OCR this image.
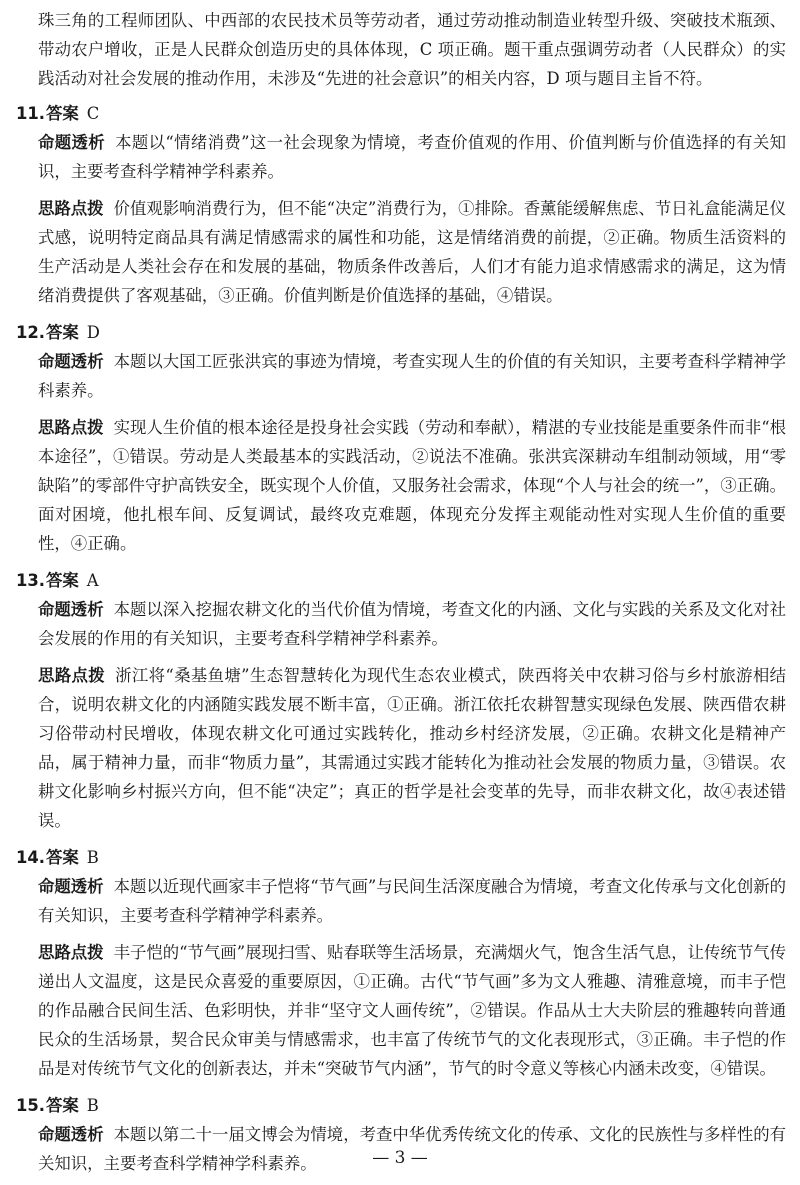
珠三角的工程师团队、中西部的农民技术员等劳动者，通过劳动推动制造业转型升级、突破技术瓶颈、带动农户增收，正是人民群众创造历史的具体体现，C 项正确。题干重点强调劳动者（人民群众）的实践活动对社会发展的推动作用，未涉及“先进的社会意识”的相关内容，D 项与题目主旨不符。

11.答案 C

命题透析 本题以“情绪消费”这一社会现象为情境，考查价值观的作用、价值判断与价值选择的有关知识，主要考查科学精神学科素养。

思路点拨 价值观影响消费行为，但不能“决定”消费行为，①排除。香薰能缓解焦虑、节日礼盒能满足仪式感，说明特定商品具有满足情感需求的属性和功能，这是情绪消费的前提，②正确。物质生活资料的生产活动是人类社会存在和发展的基础，物质条件改善后，人们才有能力追求情感需求的满足，这为情绪消费提供了客观基础，③正确。价值判断是价值选择的基础，④错误。

12.答案 D

命题透析 本题以大国工匠张洪宾的事迹为情境，考查实现人生的价值的有关知识，主要考查科学精神学科素养。

思路点拨 实现人生价值的根本途径是投身社会实践（劳动和奉献），精湛的专业技能是重要条件而非“根本途径”，①错误。劳动是人类最基本的实践活动，②说法不准确。张洪宾深耕动车组制动领域，用“零缺陷”的零部件守护高铁安全，既实现个人价值，又服务社会需求，体现“个人与社会的统一”，③正确。面对困境，他扎根车间、反复调试，最终攻克难题，体现充分发挥主观能动性对实现人生价值的重要性，④正确。

13.答案 A

命题透析 本题以深入挖掘农耕文化的当代价值为情境，考查文化的内涵、文化与实践的关系及文化对社会发展的作用的有关知识，主要考查科学精神学科素养。

思路点拨 浙江将“桑基鱼塘”生态智慧转化为现代生态农业模式，陕西将关中农耕习俗与乡村旅游相结合，说明农耕文化的内涵随实践发展不断丰富，①正确。浙江依托农耕智慧实现绿色发展、陕西借农耕习俗带动村民增收，体现农耕文化可通过实践转化，推动乡村经济发展，②正确。农耕文化是精神产品，属于精神力量，而非“物质力量”，其需通过实践才能转化为推动社会发展的物质力量，③错误。农耕文化影响乡村振兴方向，但不能“决定”；真正的哲学是社会变革的先导，而非农耕文化，故④表述错误。

14.答案 B

命题透析 本题以近现代画家丰子恺将“节气画”与民间生活深度融合为情境，考查文化传承与文化创新的有关知识，主要考查科学精神学科素养。

思路点拨 丰子恺的“节气画”展现扫雪、贴春联等生活场景，充满烟火气，饱含生活气息，让传统节气传递出人文温度，这是民众喜爱的重要原因，①正确。古代“节气画”多为文人雅趣、清雅意境，而丰子恺的作品融合民间生活、色彩明快，并非“坚守文人画传统”，②错误。作品从士大夫阶层的雅趣转向普通民众的生活场景，契合民众审美与情感需求，也丰富了传统节气的文化表现形式，③正确。丰子恺的作品是对传统节气文化的创新表达，并未“突破节气内涵”，节气的时令意义等核心内涵未改变，④错误。

15.答案 B

命题透析 本题以第二十一届文博会为情境，考查中华优秀传统文化的传承、文化的民族性与多样性的有关知识，主要考查科学精神学科素养。	— 3 —
